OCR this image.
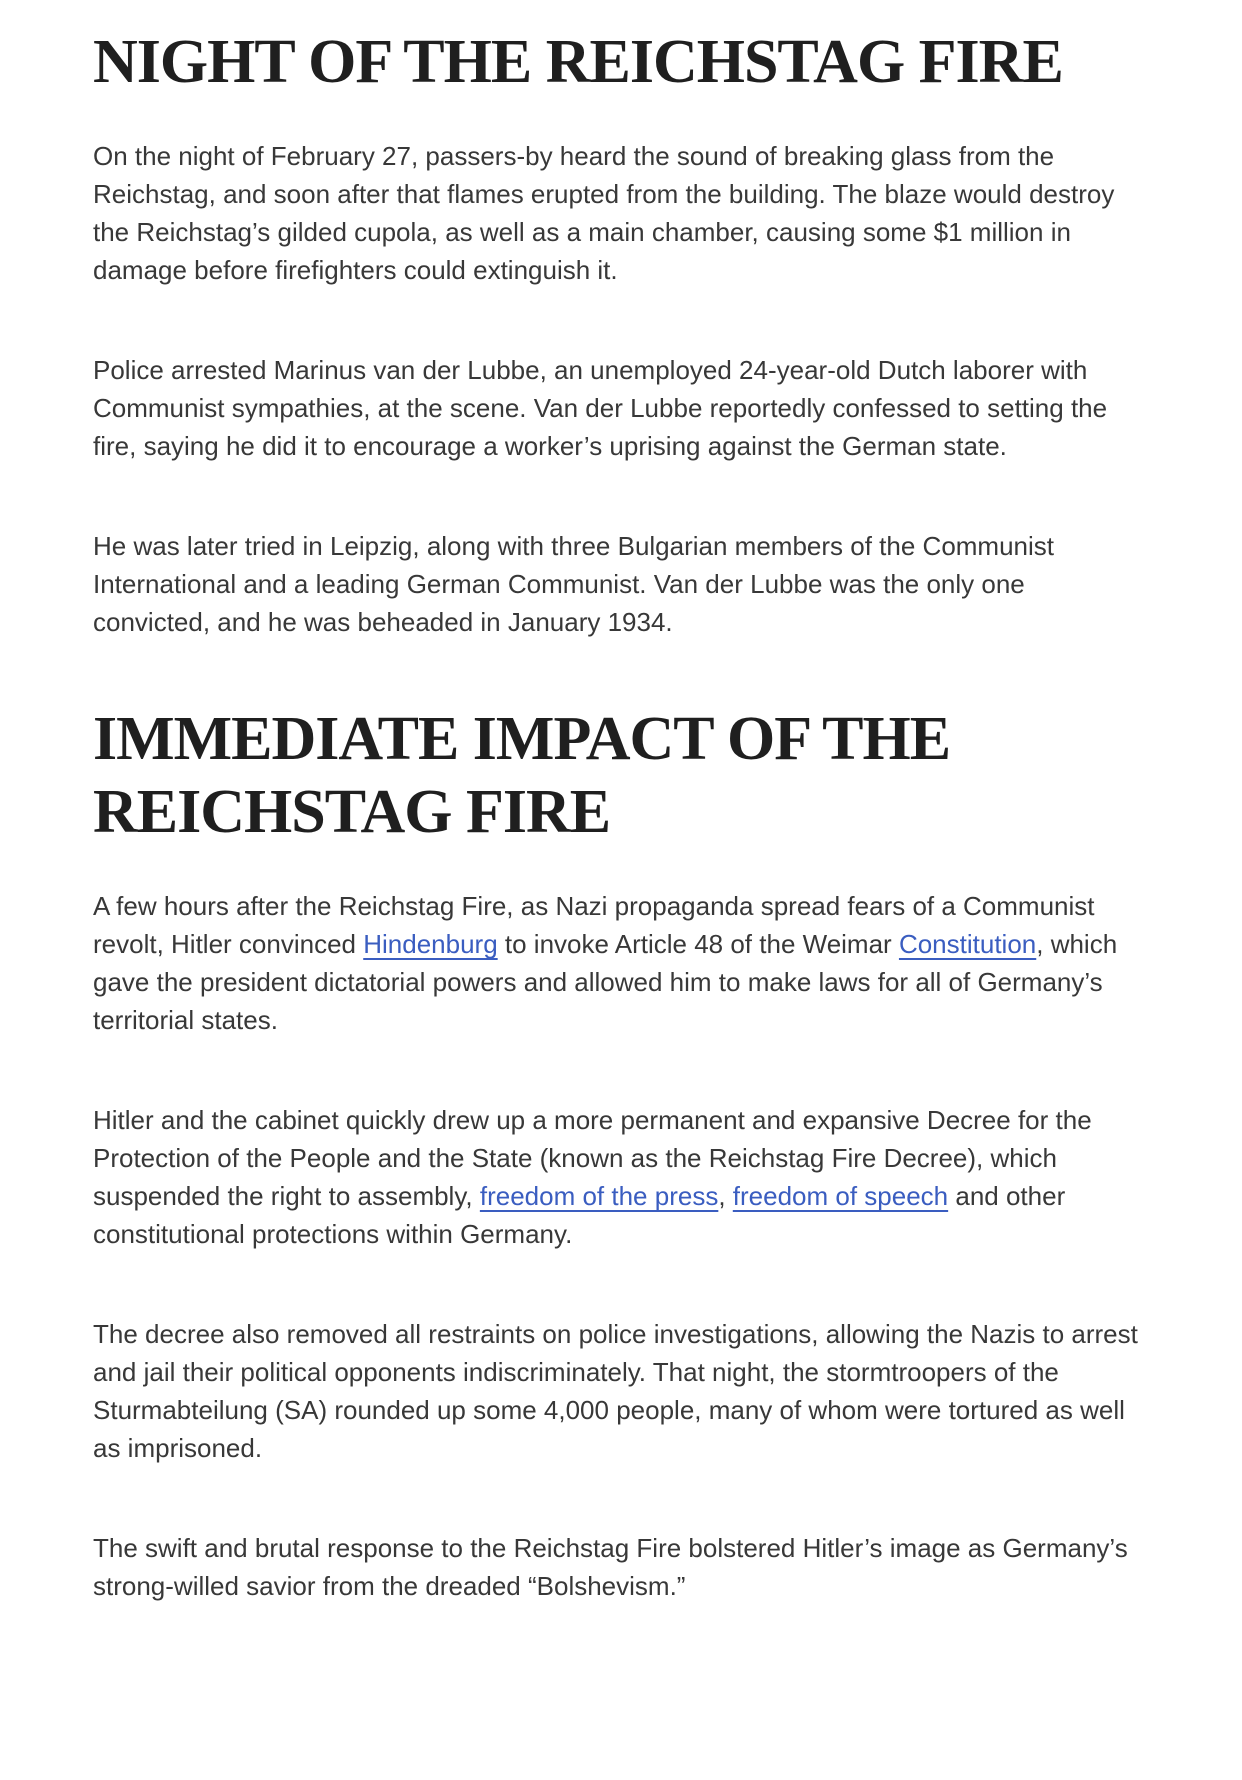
NIGHT OF THE REICHSTAG FIRE

On the night of February 27, passers-by heard the sound of breaking glass from the Reichstag, and soon after that flames erupted from the building. The blaze would destroy the Reichstag’s gilded cupola, as well as a main chamber, causing some $1 million in damage before firefighters could extinguish it.

Police arrested Marinus van der Lubbe, an unemployed 24-year-old Dutch laborer with Communist sympathies, at the scene. Van der Lubbe reportedly confessed to setting the fire, saying he did it to encourage a worker’s uprising against the German state.

He was later tried in Leipzig, along with three Bulgarian members of the Communist International and a leading German Communist. Van der Lubbe was the only one convicted, and he was beheaded in January 1934.

IMMEDIATE IMPACT OF THE REICHSTAG FIRE

A few hours after the Reichstag Fire, as Nazi propaganda spread fears of a Communist revolt, Hitler convinced Hindenburg to invoke Article 48 of the Weimar Constitution, which gave the president dictatorial powers and allowed him to make laws for all of Germany’s territorial states.

Hitler and the cabinet quickly drew up a more permanent and expansive Decree for the Protection of the People and the State (known as the Reichstag Fire Decree), which suspended the right to assembly, freedom of the press, freedom of speech and other constitutional protections within Germany.

The decree also removed all restraints on police investigations, allowing the Nazis to arrest and jail their political opponents indiscriminately. That night, the stormtroopers of the Sturmabteilung (SA) rounded up some 4,000 people, many of whom were tortured as well as imprisoned.

The swift and brutal response to the Reichstag Fire bolstered Hitler’s image as Germany’s strong-willed savior from the dreaded “Bolshevism.”
